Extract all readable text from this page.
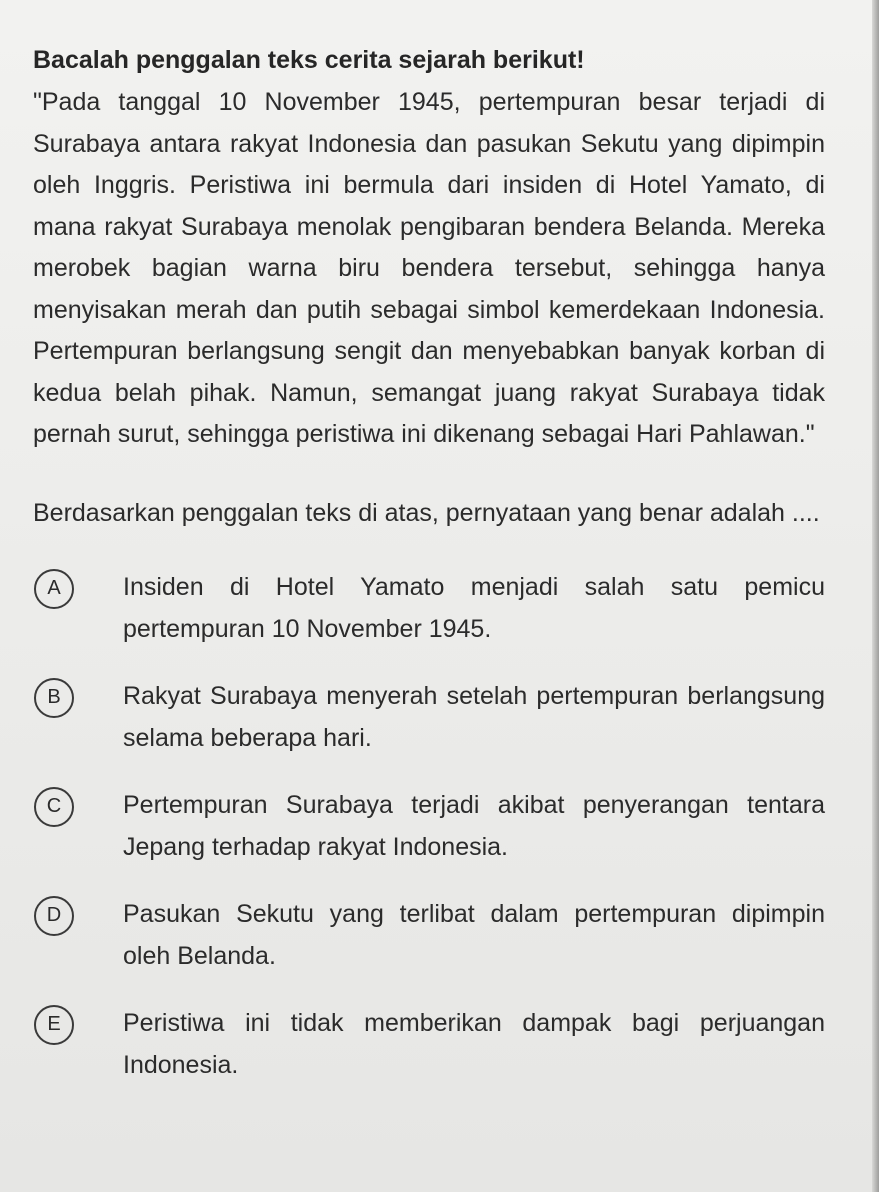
Bacalah penggalan teks cerita sejarah berikut!

"Pada tanggal 10 November 1945, pertempuran besar terjadi di Surabaya antara rakyat Indonesia dan pasukan Sekutu yang dipimpin oleh Inggris. Peristiwa ini bermula dari insiden di Hotel Yamato, di mana rakyat Surabaya menolak pengibaran bendera Belanda. Mereka merobek bagian warna biru bendera tersebut, sehingga hanya menyisakan merah dan putih sebagai simbol kemerdekaan Indonesia. Pertempuran berlangsung sengit dan menyebabkan banyak korban di kedua belah pihak. Namun, semangat juang rakyat Surabaya tidak pernah surut, sehingga peristiwa ini dikenang sebagai Hari Pahlawan."

Berdasarkan penggalan teks di atas, pernyataan yang benar adalah ....

A	Insiden di Hotel Yamato menjadi salah satu pemicu pertempuran 10 November 1945.
B	Rakyat Surabaya menyerah setelah pertempuran berlangsung selama beberapa hari.
C	Pertempuran Surabaya terjadi akibat penyerangan tentara Jepang terhadap rakyat Indonesia.
D	Pasukan Sekutu yang terlibat dalam pertempuran dipimpin oleh Belanda.
E	Peristiwa ini tidak memberikan dampak bagi perjuangan Indonesia.
